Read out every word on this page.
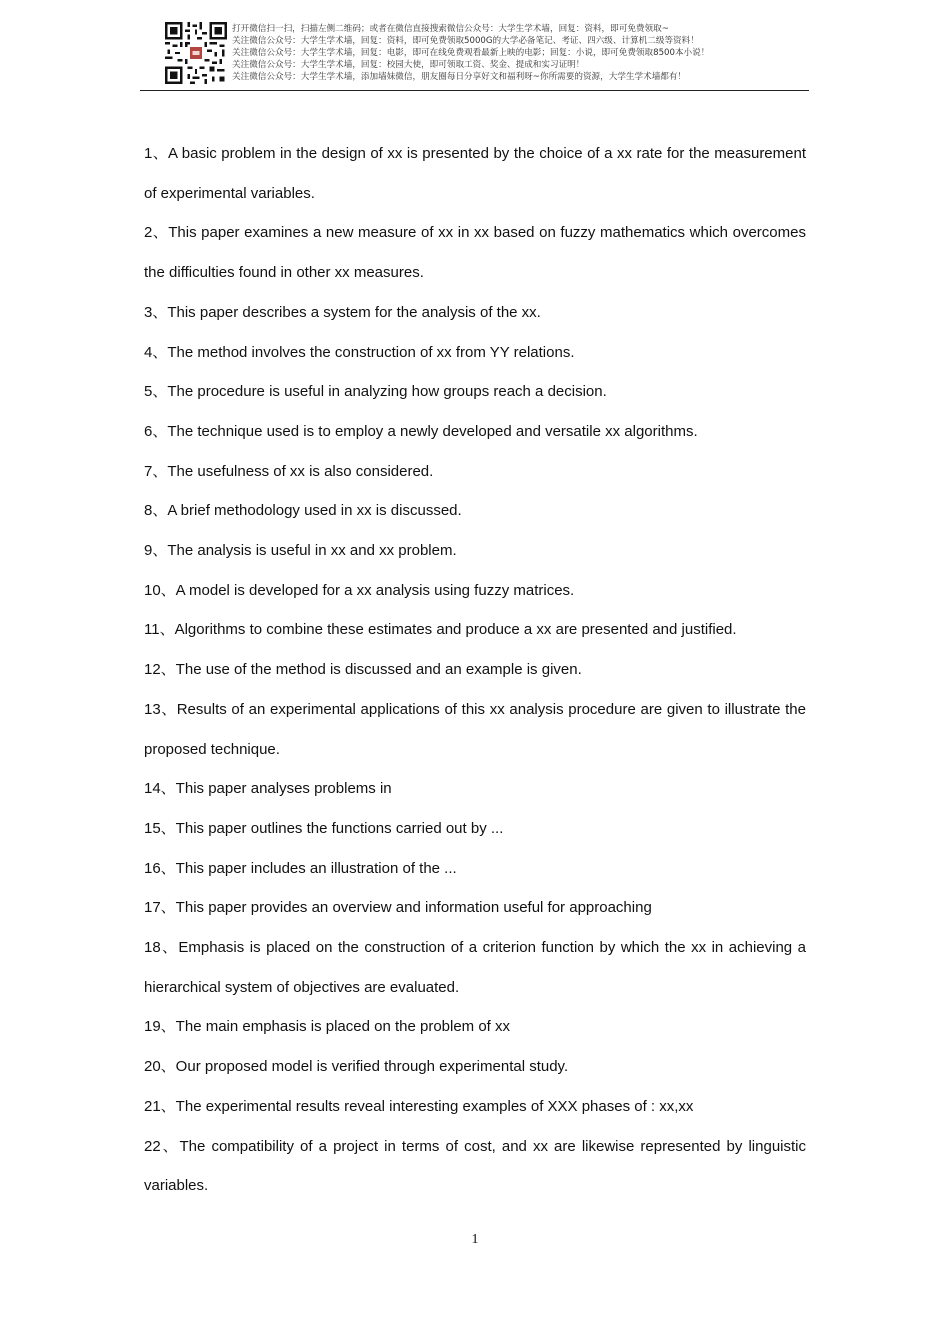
打开微信扫一扫，扫描左侧二维码；或者在微信直接搜索微信公众号：大学生学术墙，回复：资料，即可免费领取~
关注微信公众号：大学生学术墙，回复：资料，即可免费领取5000G的大学必备笔记、考证、四六级、计算机二级等资料！
关注微信公众号：大学生学术墙，回复：电影，即可在线免费观看最新上映的电影；回复：小说，即可免费领取8500本小说！
关注微信公众号：大学生学术墙，回复：校园大使，即可领取工资、奖金、提成和实习证明！
关注微信公众号：大学生学术墙，添加墙妹微信，朋友圈每日分享好文和福利呀~你所需要的资源，大学生学术墙都有！

1、A basic problem in the design of xx is presented by the choice of a xx rate for the measurement of experimental variables.

2、This paper examines a new measure of xx in xx based on fuzzy mathematics which overcomes the difficulties found in other xx measures.

3、This paper describes a system for the analysis of the xx.

4、The method involves the construction of xx from YY relations.

5、The procedure is useful in analyzing how groups reach a decision.

6、The technique used is to employ a newly developed and versatile xx algorithms.

7、The usefulness of xx is also considered.

8、A brief methodology used in xx is discussed.

9、The analysis is useful in xx and xx problem.

10、A model is developed for a xx analysis using fuzzy matrices.

11、Algorithms to combine these estimates and produce a xx are presented and justified.

12、The use of the method is discussed and an example is given.

13、Results of an experimental applications of this xx analysis procedure are given to illustrate the proposed technique.

14、This paper analyses problems in

15、This paper outlines the functions carried out by ...

16、This paper includes an illustration of the ...

17、This paper provides an overview and information useful for approaching

18、Emphasis is placed on the construction of a criterion function by which the xx in achieving a hierarchical system of objectives are evaluated.

19、The main emphasis is placed on the problem of xx

20、Our proposed model is verified through experimental study.

21、The experimental results reveal interesting examples of XXX phases of : xx,xx

22、The compatibility of a project in terms of cost, and xx are likewise represented by linguistic variables.

1
